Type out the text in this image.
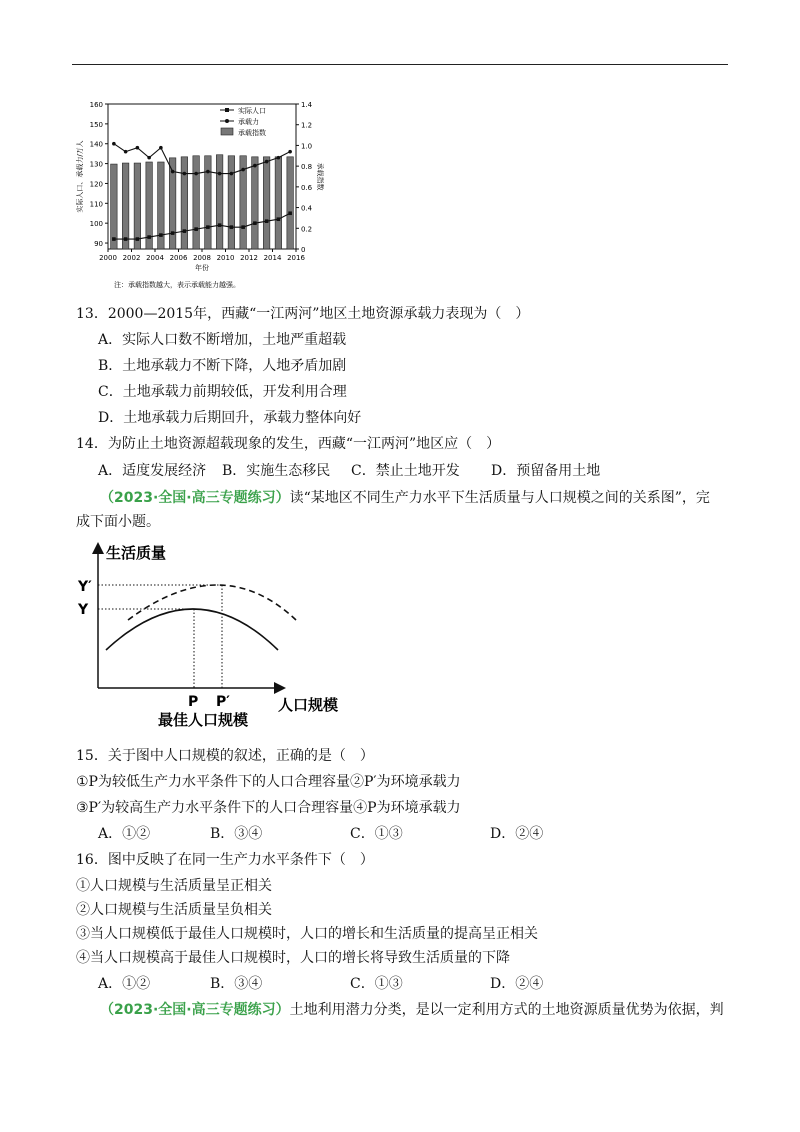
90
100
110
120
130
140
150
160
0
0.2
0.4
0.6
0.8
1.0
1.2
1.4
2000 2002 2004 2006 2008 2010 2012 2014 2016
年份
实际人口、承载力/万人	承载指数
注：承载指数越大，表示承载能力越强。
实际人口
承载力
承载指数
生活质量
人口规模
Y′
Y
P P′
最佳人口规模
13．2000—2015年，西藏“一江两河”地区土地资源承载力表现为（　）
A．实际人口数不断增加，土地严重超载
B．土地承载力不断下降，人地矛盾加剧
C．土地承载力前期较低，开发利用合理
D．土地承载力后期回升，承载力整体向好
14．为防止土地资源超载现象的发生，西藏“一江两河”地区应（　）
A．适度发展经济 B．实施生态移民 C．禁止土地开发 D．预留备用土地
（2023·全国·高三专题练习）读“某地区不同生产力水平下生活质量与人口规模之间的关系图”，完
成下面小题。
15．关于图中人口规模的叙述，正确的是（　）
①P为较低生产力水平条件下的人口合理容量②P′为环境承载力
③P′为较高生产力水平条件下的人口合理容量④P为环境承载力
A．①②	B．③④	C．①③	D．②④
16．图中反映了在同一生产力水平条件下（　）
①人口规模与生活质量呈正相关
②人口规模与生活质量呈负相关
③当人口规模低于最佳人口规模时，人口的增长和生活质量的提高呈正相关
④当人口规模高于最佳人口规模时，人口的增长将导致生活质量的下降
A．①②	B．③④	C．①③	D．②④
（2023·全国·高三专题练习）土地利用潜力分类，是以一定利用方式的土地资源质量优势为依据，判
